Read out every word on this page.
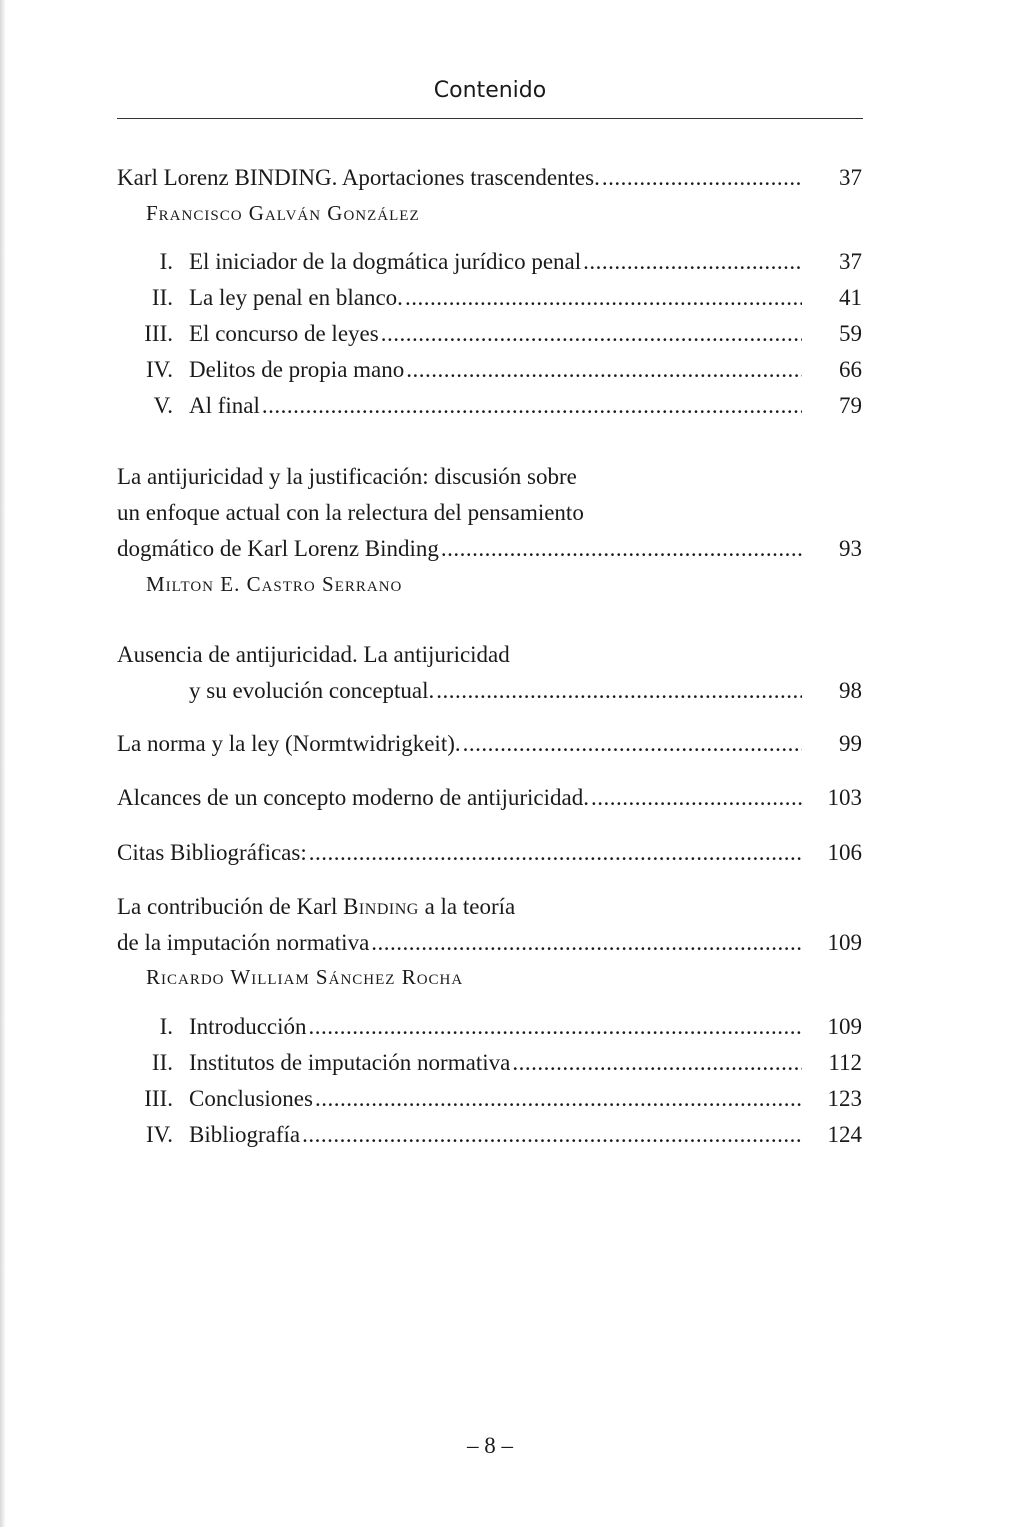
Contenido
Karl Lorenz BINDING. Aportaciones trascendentes. .....	37
Francisco Galván González
I. El iniciador de la dogmática jurídico penal .....	37
II. La ley penal en blanco. .....	41
III. El concurso de leyes .....	59
IV. Delitos de propia mano .....	66
V. Al final .....	79
La antijuricidad y la justificación: discusión sobre
un enfoque actual con la relectura del pensamiento
dogmático de Karl Lorenz Binding .....	93
Milton E. Castro Serrano
Ausencia de antijuricidad. La antijuricidad
y su evolución conceptual. .....	98
La norma y la ley (Normtwidrigkeit). .....	99
Alcances de un concepto moderno de antijuricidad. .....	103
Citas Bibliográficas: .....	106
La contribución de Karl Binding a la teoría
de la imputación normativa .....	109
Ricardo William Sánchez Rocha
I. Introducción .....	109
II. Institutos de imputación normativa .....	112
III. Conclusiones .....	123
IV. Bibliografía .....	124
– 8 –
